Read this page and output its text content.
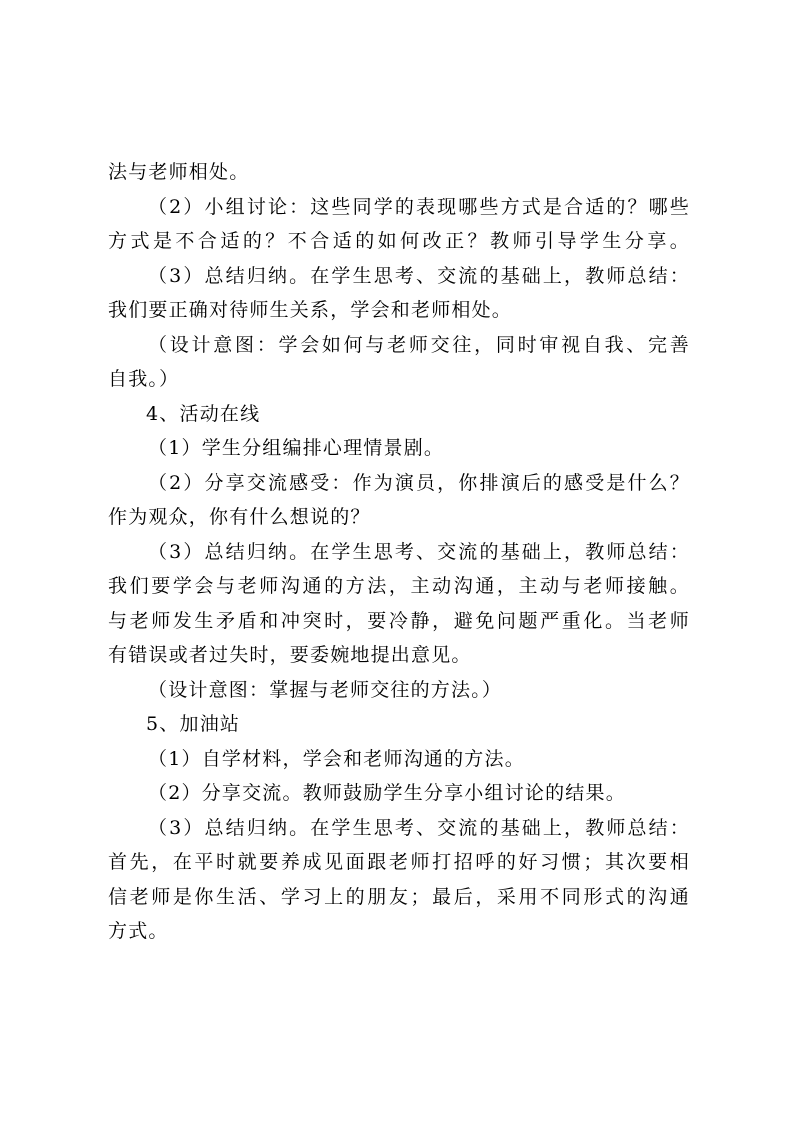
法与老师相处。
（2）小组讨论：这些同学的表现哪些方式是合适的？哪些
方式是不合适的？不合适的如何改正？教师引导学生分享。
（3）总结归纳。在学生思考、交流的基础上，教师总结：
我们要正确对待师生关系，学会和老师相处。
（设计意图：学会如何与老师交往，同时审视自我、完善
自我。）
4、活动在线
（1）学生分组编排心理情景剧。
（2）分享交流感受：作为演员，你排演后的感受是什么？
作为观众，你有什么想说的？
（3）总结归纳。在学生思考、交流的基础上，教师总结：
我们要学会与老师沟通的方法，主动沟通，主动与老师接触。
与老师发生矛盾和冲突时，要冷静，避免问题严重化。当老师
有错误或者过失时，要委婉地提出意见。
（设计意图：掌握与老师交往的方法。）
5、加油站
（1）自学材料，学会和老师沟通的方法。
（2）分享交流。教师鼓励学生分享小组讨论的结果。
（3）总结归纳。在学生思考、交流的基础上，教师总结：
首先，在平时就要养成见面跟老师打招呼的好习惯；其次要相
信老师是你生活、学习上的朋友；最后，采用不同形式的沟通
方式。
